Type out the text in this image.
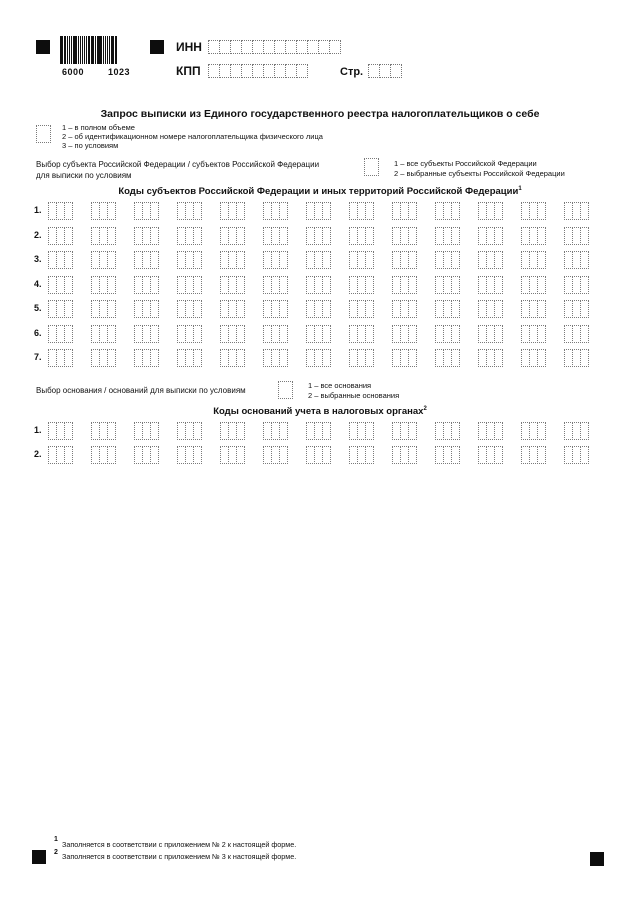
6000	1023
ИНН
КПП	Стр.
Запрос выписки из Единого государственного реестра налогоплательщиков о себе
1 – в полном объеме
2 – об идентификационном номере налогоплательщика физического лица
3 – по условиям
Выбор субъекта Российской Федерации / субъектов Российской Федерации
для выписки по условиям
1 – все субъекты Российской Федерации
2 – выбранные субъекты Российской Федерации
Коды субъектов Российской Федерации и иных территорий Российской Федерации$^1$
1.
2.
3.
4.
5.
6.
7.
Выбор основания / оснований для выписки по условиям
1 – все основания
2 – выбранные основания
Коды оснований учета в налоговых органах$^2$
1.
2.
1
Заполняется в соответствии с приложением № 2 к настоящей форме.
2 Заполняется в соответствии с приложением № 3 к настоящей форме.
